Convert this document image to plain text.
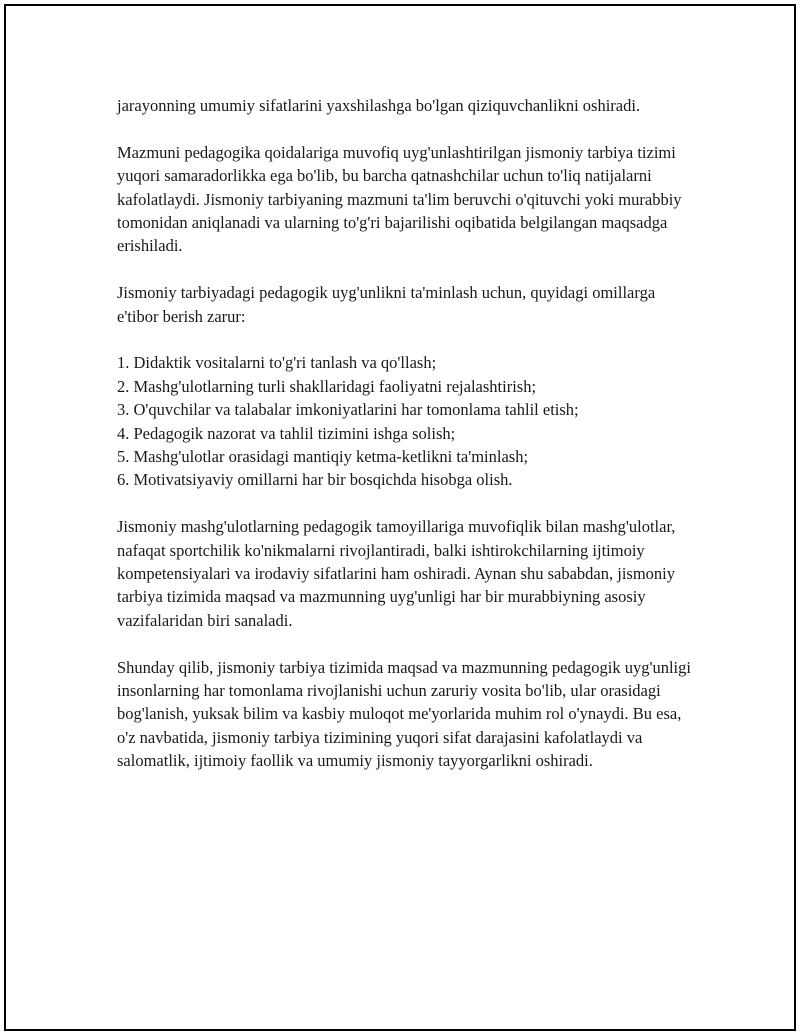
jarayonning umumiy sifatlarini yaxshilashga bo'lgan qiziquvchanlikni oshiradi.

Mazmuni pedagogika qoidalariga muvofiq uyg'unlashtirilgan jismoniy tarbiya tizimi yuqori samaradorlikka ega bo'lib, bu barcha qatnashchilar uchun to'liq natijalarni kafolatlaydi. Jismoniy tarbiyaning mazmuni ta'lim beruvchi o'qituvchi yoki murabbiy tomonidan aniqlanadi va ularning to'g'ri bajarilishi oqibatida belgilangan maqsadga erishiladi.

Jismoniy tarbiyadagi pedagogik uyg'unlikni ta'minlash uchun, quyidagi omillarga e'tibor berish zarur:

1. Didaktik vositalarni to'g'ri tanlash va qo'llash;
2. Mashg'ulotlarning turli shakllaridagi faoliyatni rejalashtirish;
3. O'quvchilar va talabalar imkoniyatlarini har tomonlama tahlil etish;
4. Pedagogik nazorat va tahlil tizimini ishga solish;
5. Mashg'ulotlar orasidagi mantiqiy ketma-ketlikni ta'minlash;
6. Motivatsiyaviy omillarni har bir bosqichda hisobga olish.

Jismoniy mashg'ulotlarning pedagogik tamoyillariga muvofiqlik bilan mashg'ulotlar, nafaqat sportchilik ko'nikmalarni rivojlantiradi, balki ishtirokchilarning ijtimoiy kompetensiyalari va irodaviy sifatlarini ham oshiradi. Aynan shu sababdan, jismoniy tarbiya tizimida maqsad va mazmunning uyg'unligi har bir murabbiyning asosiy vazifalaridan biri sanaladi.

Shunday qilib, jismoniy tarbiya tizimida maqsad va mazmunning pedagogik uyg'unligi insonlarning har tomonlama rivojlanishi uchun zaruriy vosita bo'lib, ular orasidagi bog'lanish, yuksak bilim va kasbiy muloqot me'yorlarida muhim rol o'ynaydi. Bu esa, o'z navbatida, jismoniy tarbiya tizimining yuqori sifat darajasini kafolatlaydi va salomatlik, ijtimoiy faollik va umumiy jismoniy tayyorgarlikni oshiradi.
